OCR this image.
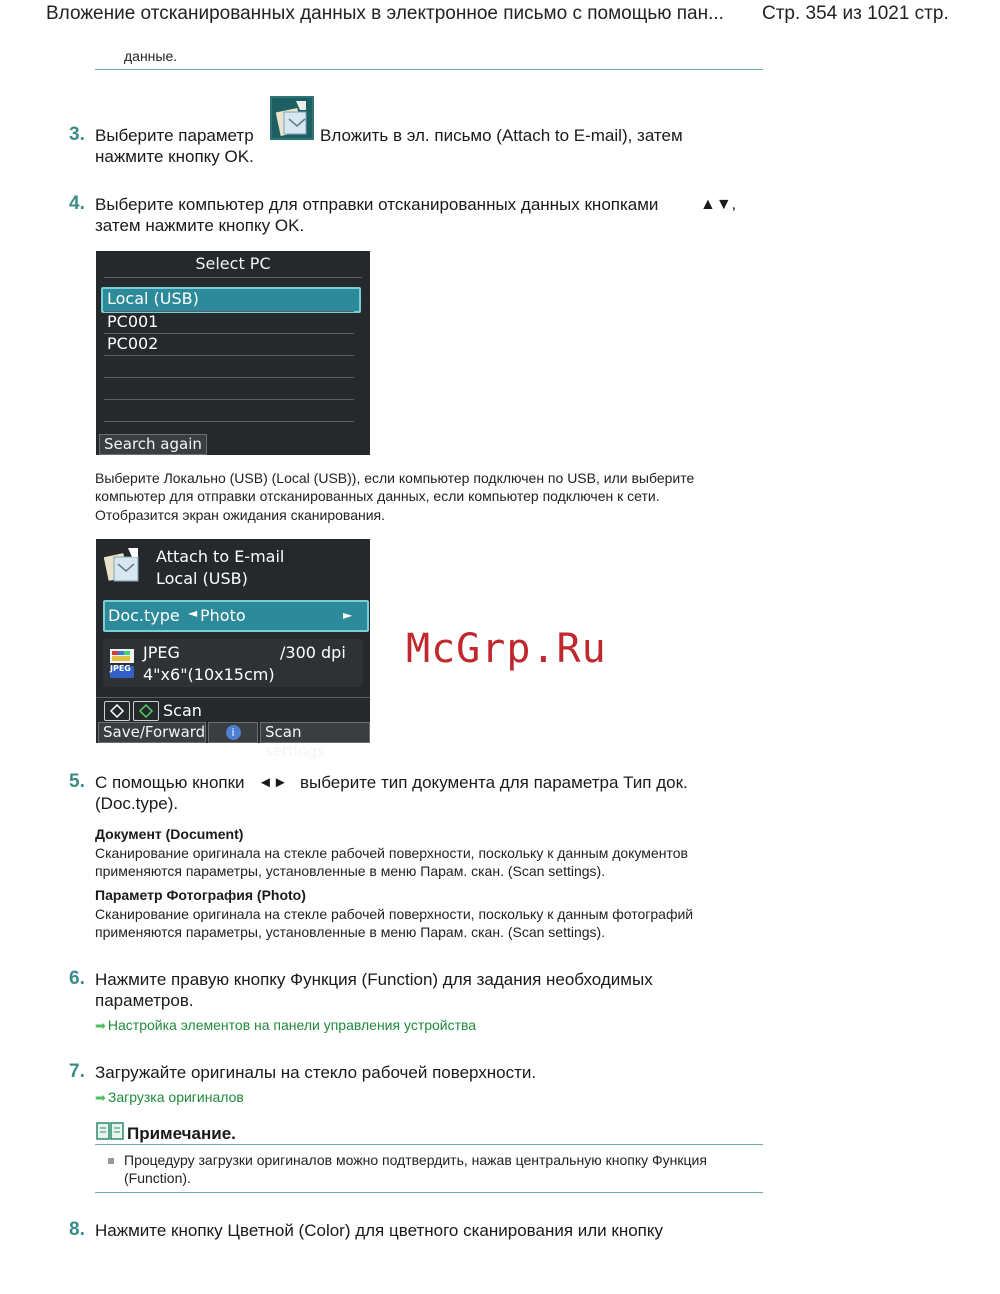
Вложение отсканированных данных в электронное письмо с помощью пан... Стр. 354 из 1021 стр.
данные.
3. Выберите параметр	Вложить в эл. письмо (Attach to E-mail), затем
нажмите кнопку OK.
4. Выберите компьютер для отправки отсканированных данных кнопками	▲▼,
затем нажмите кнопку OK.
Select PC
Local (USB)
PC001
PC002
Search again
Выберите Локально (USB) (Local (USB)), если компьютер подключен по USB, или выберите
компьютер для отправки отсканированных данных, если компьютер подключен к сети.
Отобразится экран ожидания сканирования.
Attach to E-mail
Local (USB)
Doc.type ◄ Photo	►
JPEG
JPEG	/300 dpi
4"x6"(10x15cm)
Scan
Save/Forward	i	Scan settings
McGrp.Ru
5. С помощью кнопки ◄► выберите тип документа для параметра Тип док.
(Doc.type).
Документ (Document)
Сканирование оригинала на стекле рабочей поверхности, поскольку к данным документов
применяются параметры, установленные в меню Парам. скан. (Scan settings).
Параметр Фотография (Photo)
Сканирование оригинала на стекле рабочей поверхности, поскольку к данным фотографий
применяются параметры, установленные в меню Парам. скан. (Scan settings).
6. Нажмите правую кнопку Функция (Function) для задания необходимых
параметров.
➡ Настройка элементов на панели управления устройства
7. Загружайте оригиналы на стекло рабочей поверхности.
➡ Загрузка оригиналов
Примечание.
Процедуру загрузки оригиналов можно подтвердить, нажав центральную кнопку Функция
(Function).
8. Нажмите кнопку Цветной (Color) для цветного сканирования или кнопку
